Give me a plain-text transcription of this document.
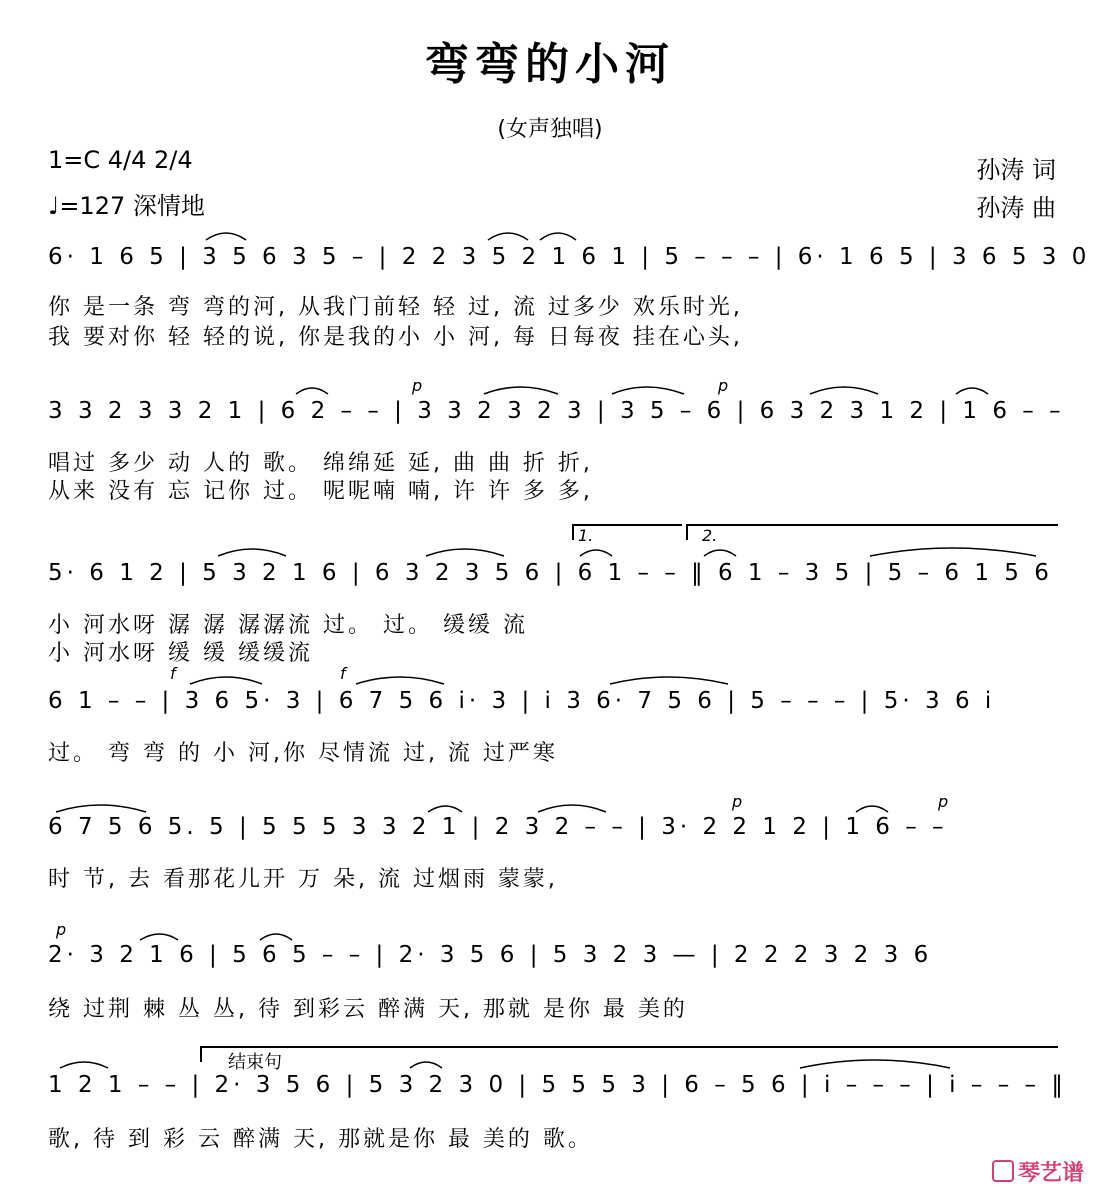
弯弯的小河
(女声独唱)
1=C 4/4 2/4
♩=127 深情地
孙涛 词
孙涛 曲
6· 1 6 5 | 3 5 6 3 5 – | 2 2 3 5 2 1 6 1 | 5 – – – | 6· 1 6 5 | 3 6 5 3 0
你 是一条 弯 弯的河, 从我门前轻 轻 过, 流 过多少 欢乐时光,
我 要对你 轻 轻的说, 你是我的小 小 河, 每 日每夜 挂在心头,
3 3 2 3 3 2 1 | 6 2 – – | 3 3 2 3 2 3 | 3 5 – 6 | 6 3 2 3 1 2 | 1 6 – –
唱过 多少 动 人的 歌。 绵绵延 延, 曲 曲 折 折,
从来 没有 忘 记你 过。 呢呢喃 喃, 许 许 多 多,
1.	2.
5· 6 1 2 | 5 3 2 1 6 | 6 3 2 3 5 6 | 6 1 – – ‖ 6 1 – 3 5 | 5 – 6 1 5 6
小 河水呀 潺 潺 潺潺流 过。 过。 缓缓 流
小 河水呀 缓 缓 缓缓流
6 1 – – | 3 6 5· 3 | 6 7 5 6 i· 3 | i 3 6· 7 5 6 | 5 – – – | 5· 3 6 i
过。 弯 弯 的 小 河,你 尽情流 过, 流 过严寒
6 7 5 6 5. 5 | 5 5 5 3 3 2 1 | 2 3 2 – – | 3· 2 2 1 2 | 1 6 – –
时 节, 去 看那花儿开 万 朵, 流 过烟雨 蒙蒙,
2· 3 2 1 6 | 5 6 5 – – | 2· 3 5 6 | 5 3 2 3 — | 2 2 2 3 2 3 6
绕 过荆 棘 丛 丛, 待 到彩云 醉满 天, 那就 是你 最 美的
结束句
1 2 1 – – | 2· 3 5 6 | 5 3 2 3 0 | 5 5 5 3 | 6 – 5 6 | i – – – | i – – – ‖
歌, 待 到 彩 云 醉满 天, 那就是你 最 美的 歌。
p	p
f	f
p	p
p
琴艺谱
